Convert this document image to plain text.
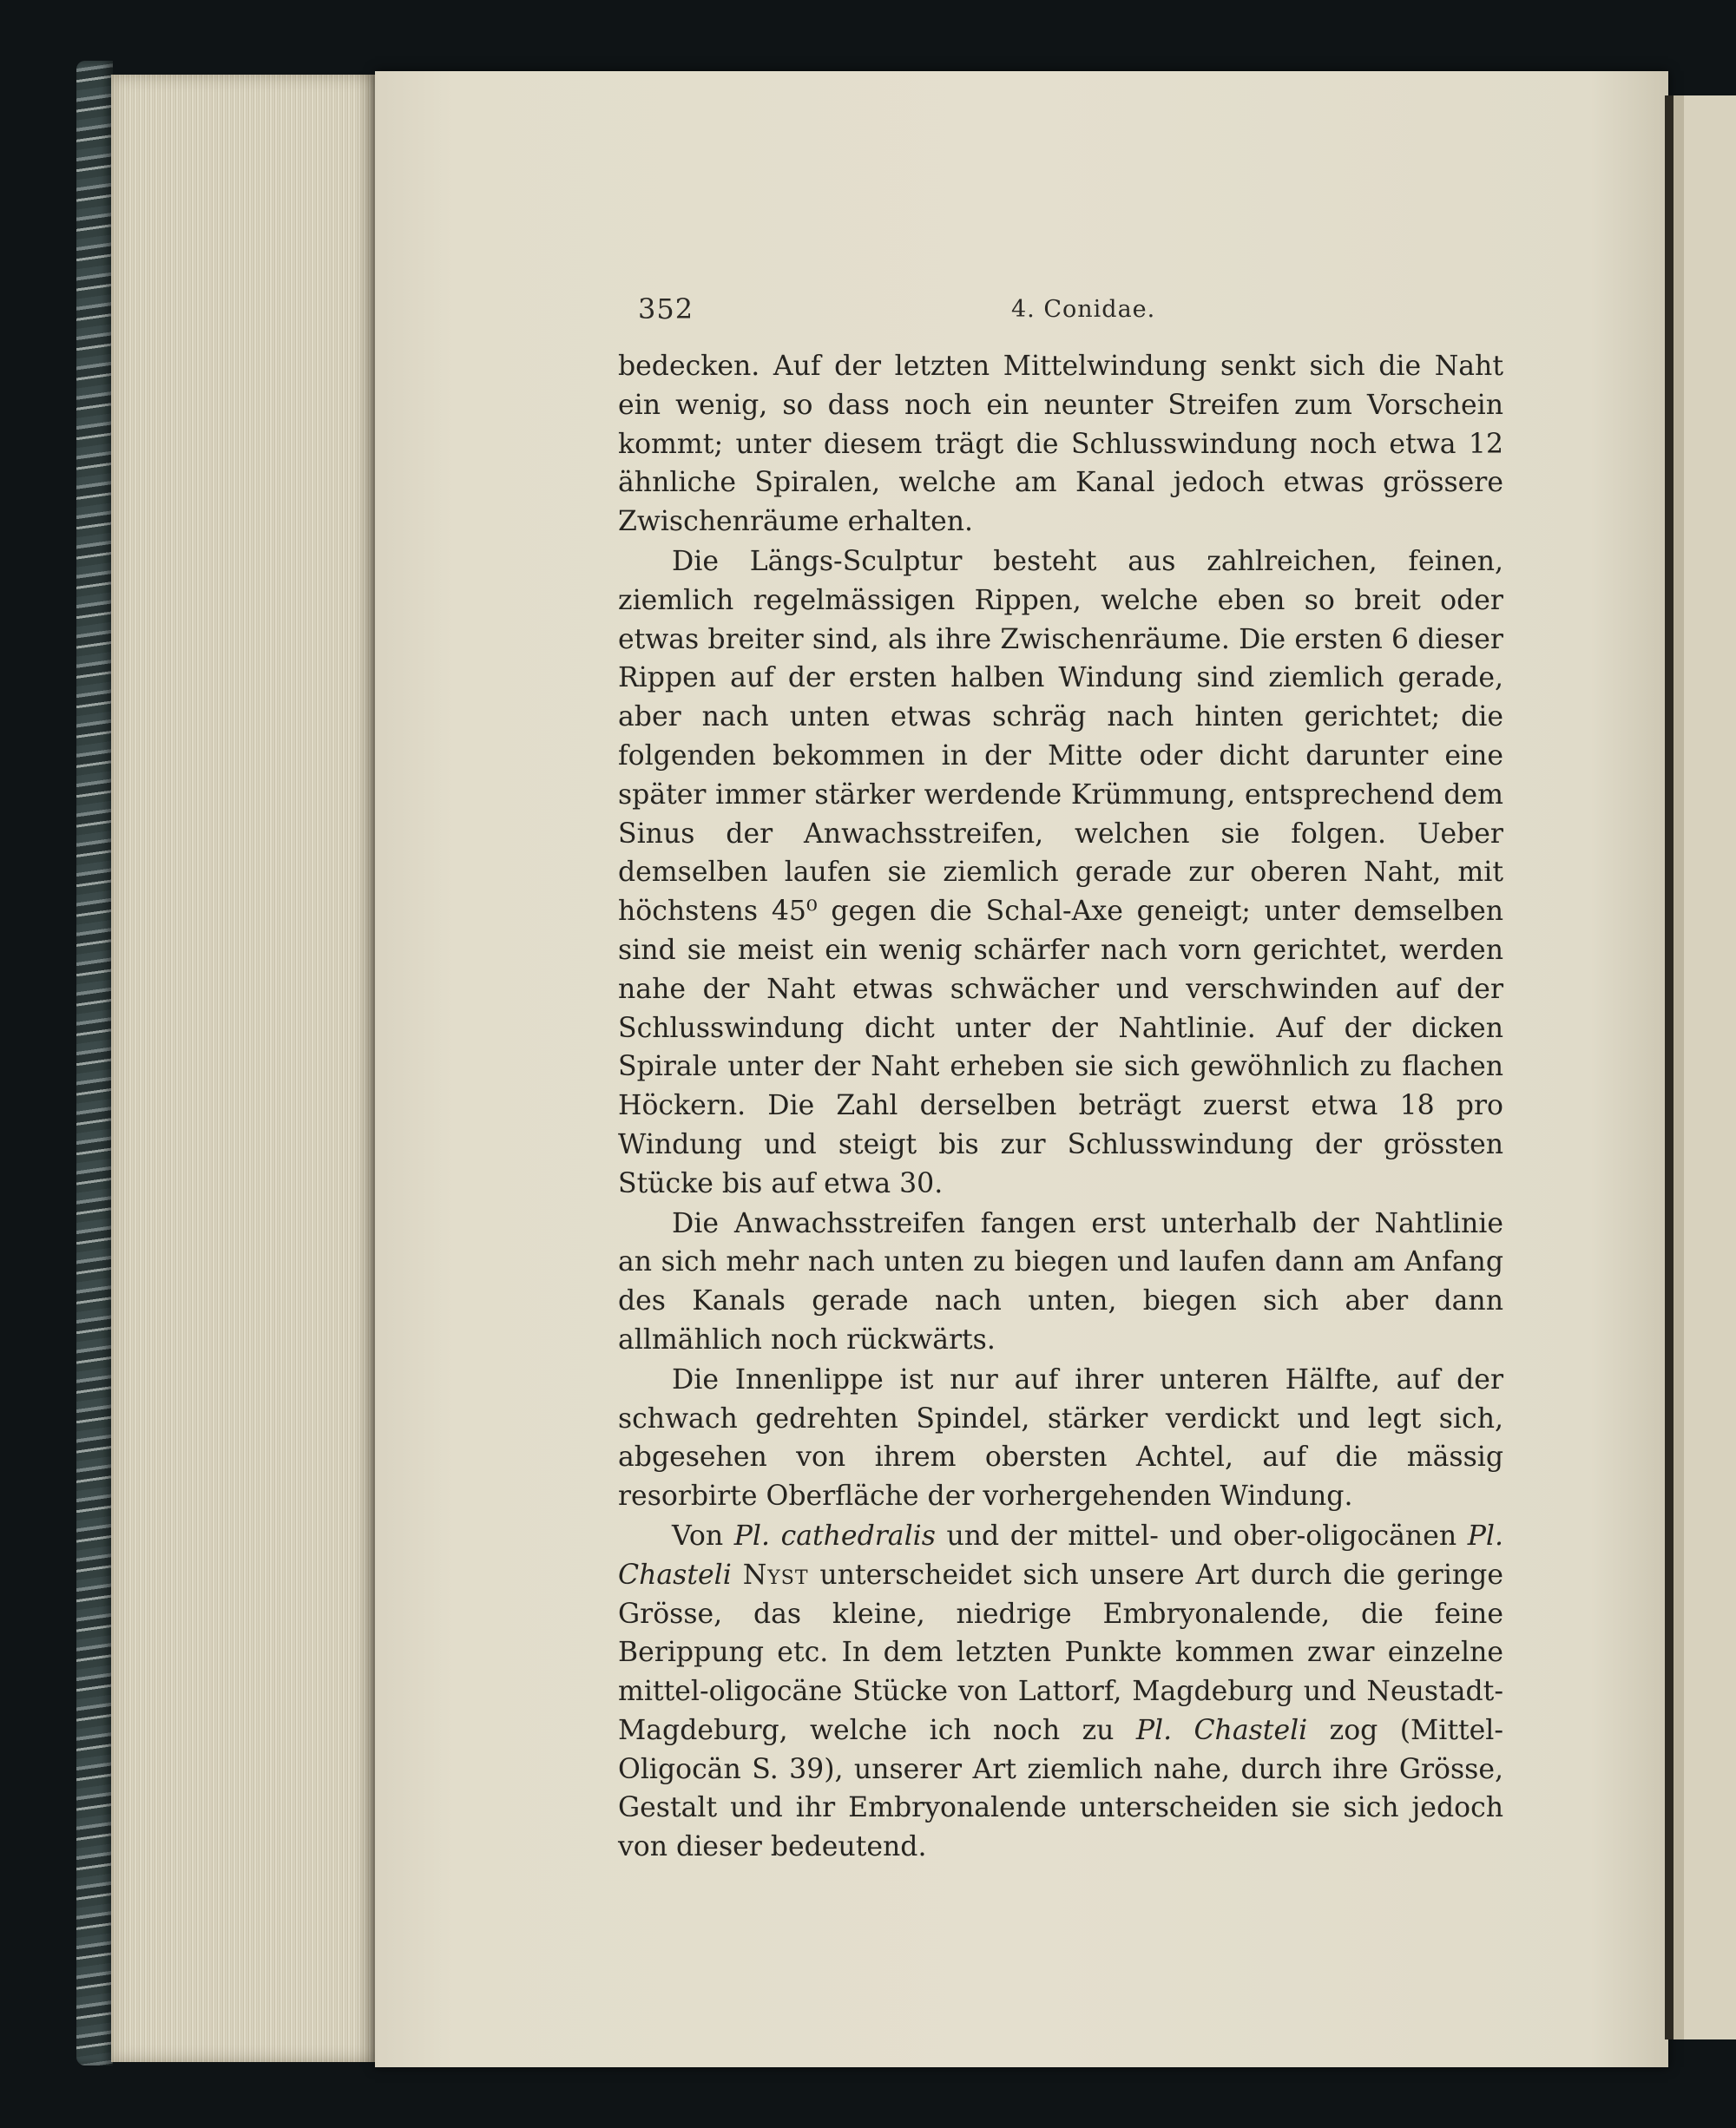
352	4. Conidae.

bedecken. Auf der letzten Mittelwindung senkt sich die Naht ein wenig, so dass noch ein neunter Streifen zum Vorschein kommt; unter diesem trägt die Schlusswindung noch etwa 12 ähnliche Spiralen, welche am Kanal jedoch etwas grössere Zwischenräume erhalten.

Die Längs-Sculptur besteht aus zahlreichen, feinen, ziemlich regelmässigen Rippen, welche eben so breit oder etwas breiter sind, als ihre Zwischenräume. Die ersten 6 dieser Rippen auf der ersten halben Windung sind ziemlich gerade, aber nach unten etwas schräg nach hinten gerichtet; die folgenden bekommen in der Mitte oder dicht darunter eine später immer stärker werdende Krümmung, entsprechend dem Sinus der Anwachsstreifen, welchen sie folgen. Ueber demselben laufen sie ziemlich gerade zur oberen Naht, mit höchstens 45⁰ gegen die Schal-Axe geneigt; unter demselben sind sie meist ein wenig schärfer nach vorn gerichtet, werden nahe der Naht etwas schwächer und verschwinden auf der Schlusswindung dicht unter der Nahtlinie. Auf der dicken Spirale unter der Naht erheben sie sich gewöhnlich zu flachen Höckern. Die Zahl derselben beträgt zuerst etwa 18 pro Windung und steigt bis zur Schlusswindung der grössten Stücke bis auf etwa 30.

Die Anwachsstreifen fangen erst unterhalb der Nahtlinie an sich mehr nach unten zu biegen und laufen dann am Anfang des Kanals gerade nach unten, biegen sich aber dann allmählich noch rückwärts.

Die Innenlippe ist nur auf ihrer unteren Hälfte, auf der schwach gedrehten Spindel, stärker verdickt und legt sich, abgesehen von ihrem obersten Achtel, auf die mässig resorbirte Oberfläche der vorhergehenden Windung.

Von Pl. cathedralis und der mittel- und ober-oligocänen Pl. Chasteli Nyst unterscheidet sich unsere Art durch die geringe Grösse, das kleine, niedrige Embryonalende, die feine Berippung etc. In dem letzten Punkte kommen zwar einzelne mittel-oligocäne Stücke von Lattorf, Magdeburg und Neustadt-Magdeburg, welche ich noch zu Pl. Chasteli zog (Mittel-Oligocän S. 39), unserer Art ziemlich nahe, durch ihre Grösse, Gestalt und ihr Embryonalende unterscheiden sie sich jedoch von dieser bedeutend.
